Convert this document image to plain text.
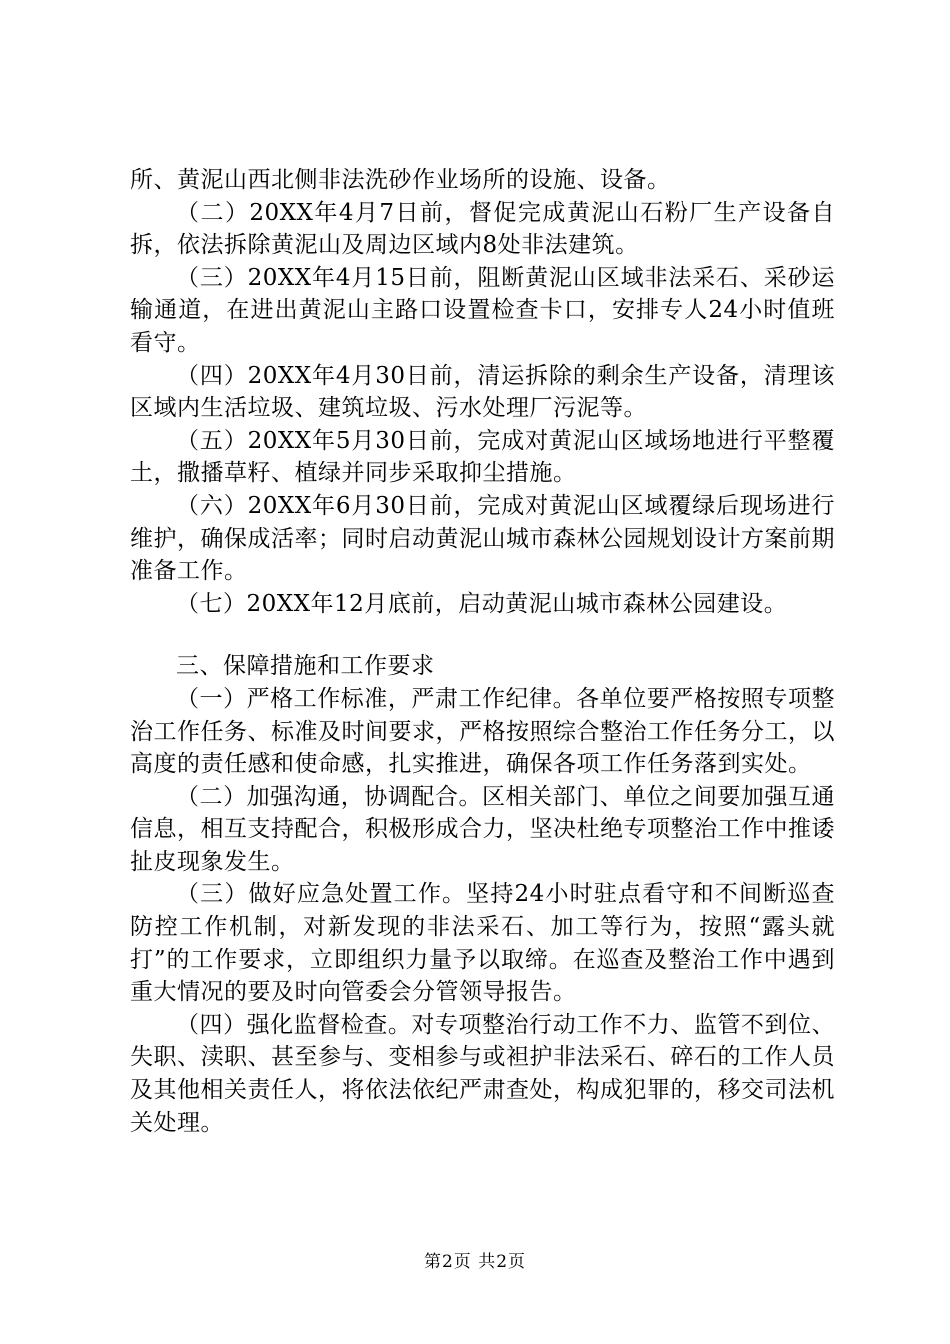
所、黄泥山西北侧非法洗砂作业场所的设施、设备。

（二）20XX年4月7日前，督促完成黄泥山石粉厂生产设备自拆，依法拆除黄泥山及周边区域内8处非法建筑。

（三）20XX年4月15日前，阻断黄泥山区域非法采石、采砂运输通道，在进出黄泥山主路口设置检查卡口，安排专人24小时值班看守。

（四）20XX年4月30日前，清运拆除的剩余生产设备，清理该区域内生活垃圾、建筑垃圾、污水处理厂污泥等。

（五）20XX年5月30日前，完成对黄泥山区域场地进行平整覆土，撒播草籽、植绿并同步采取抑尘措施。

（六）20XX年6月30日前，完成对黄泥山区域覆绿后现场进行维护，确保成活率；同时启动黄泥山城市森林公园规划设计方案前期准备工作。

（七）20XX年12月底前，启动黄泥山城市森林公园建设。

三、保障措施和工作要求

（一）严格工作标准，严肃工作纪律。各单位要严格按照专项整治工作任务、标准及时间要求，严格按照综合整治工作任务分工，以高度的责任感和使命感，扎实推进，确保各项工作任务落到实处。

（二）加强沟通，协调配合。区相关部门、单位之间要加强互通信息，相互支持配合，积极形成合力，坚决杜绝专项整治工作中推诿扯皮现象发生。

（三）做好应急处置工作。坚持24小时驻点看守和不间断巡查防控工作机制，对新发现的非法采石、加工等行为，按照“露头就打”的工作要求，立即组织力量予以取缔。在巡查及整治工作中遇到重大情况的要及时向管委会分管领导报告。

（四）强化监督检查。对专项整治行动工作不力、监管不到位、失职、渎职、甚至参与、变相参与或袒护非法采石、碎石的工作人员及其他相关责任人，将依法依纪严肃查处，构成犯罪的，移交司法机关处理。

第2页 共2页
